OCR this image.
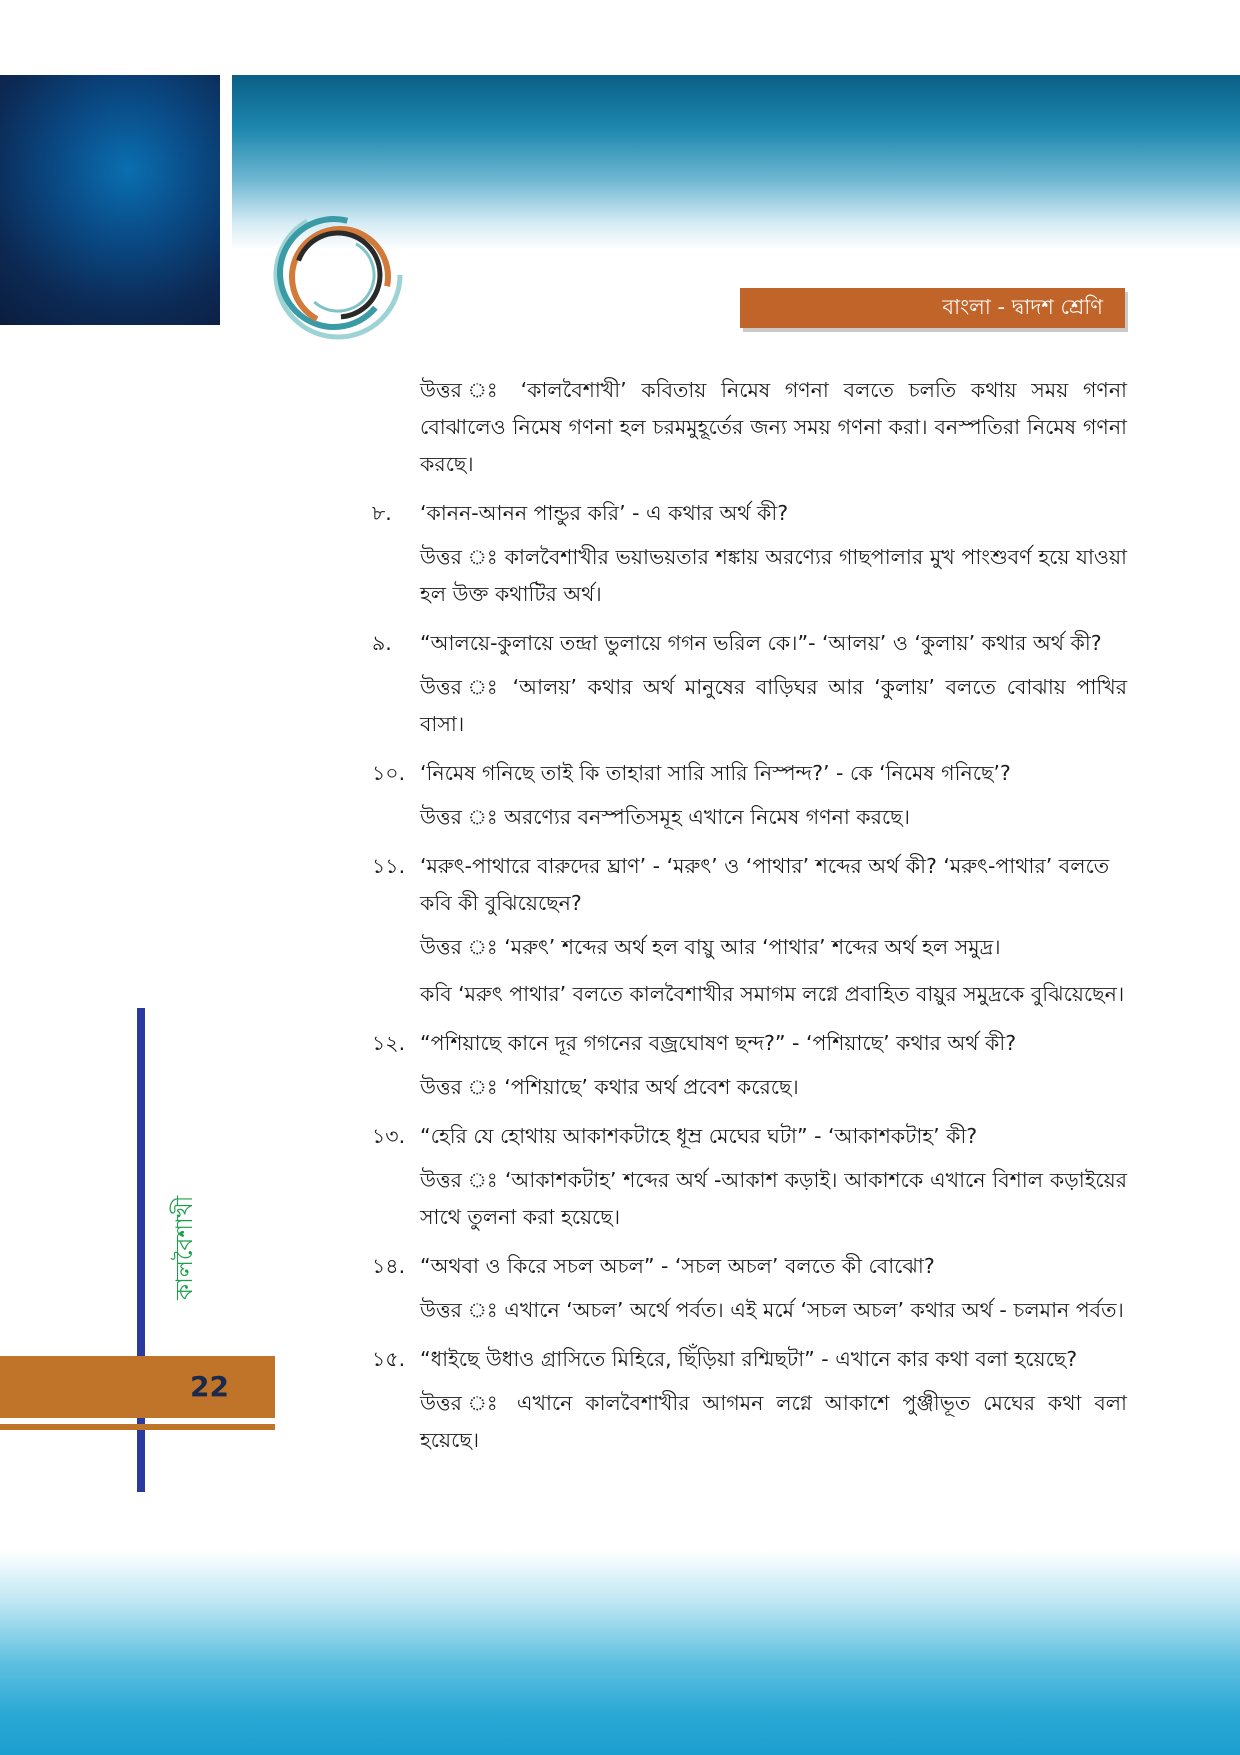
বাংলা - দ্বাদশ শ্রেণি
কালবৈশাখী
22

উত্তর ঃ ‘কালবৈশাখী’ কবিতায় নিমেষ গণনা বলতে চলতি কথায় সময় গণনা বোঝালেও নিমেষ গণনা হল চরমমুহূর্তের জন্য সময় গণনা করা। বনস্পতিরা নিমেষ গণনা করছে।

৮. ‘কানন-আনন পান্ডুর করি’ - এ কথার অর্থ কী?

উত্তর ঃ কালবৈশাখীর ভয়াভয়তার শঙ্কায় অরণ্যের গাছপালার মুখ পাংশুবর্ণ হয়ে যাওয়া হল উক্ত কথাটির অর্থ।

৯. “আলয়ে-কুলায়ে তন্দ্রা ভুলায়ে গগন ভরিল কে।”- ‘আলয়’ ও ‘কুলায়’ কথার অর্থ কী?

উত্তর ঃ ‘আলয়’ কথার অর্থ মানুষের বাড়িঘর আর ‘কুলায়’ বলতে বোঝায় পাখির বাসা।

১০. ‘নিমেষ গনিছে তাই কি তাহারা সারি সারি নিস্পন্দ?’ - কে ‘নিমেষ গনিছে’?

উত্তর ঃ অরণ্যের বনস্পতিসমূহ এখানে নিমেষ গণনা করছে।

১১. ‘মরুৎ-পাথারে বারুদের ঘ্রাণ’ - ‘মরুৎ’ ও ‘পাথার’ শব্দের অর্থ কী? ‘মরুৎ-পাথার’ বলতে কবি কী বুঝিয়েছেন?

উত্তর ঃ ‘মরুৎ’ শব্দের অর্থ হল বায়ু আর ‘পাথার’ শব্দের অর্থ হল সমুদ্র।

কবি ‘মরুৎ পাথার’ বলতে কালবৈশাখীর সমাগম লগ্নে প্রবাহিত বায়ুর সমুদ্রকে বুঝিয়েছেন।

১২. “পশিয়াছে কানে দূর গগনের বজ্রঘোষণ ছন্দ?” - ‘পশিয়াছে’ কথার অর্থ কী?

উত্তর ঃ ‘পশিয়াছে’ কথার অর্থ প্রবেশ করেছে।

১৩. “হেরি যে হোথায় আকাশকটাহে ধূম্র মেঘের ঘটা” - ‘আকাশকটাহ’ কী?

উত্তর ঃ ‘আকাশকটাহ’ শব্দের অর্থ -আকাশ কড়াই। আকাশকে এখানে বিশাল কড়াইয়ের সাথে তুলনা করা হয়েছে।

১৪. “অথবা ও কিরে সচল অচল” - ‘সচল অচল’ বলতে কী বোঝো?

উত্তর ঃ এখানে ‘অচল’ অর্থে পর্বত। এই মর্মে ‘সচল অচল’ কথার অর্থ - চলমান পর্বত।

১৫. “ধাইছে উধাও গ্রাসিতে মিহিরে, ছিঁড়িয়া রশ্মিছটা” - এখানে কার কথা বলা হয়েছে?

উত্তর ঃ এখানে কালবৈশাখীর আগমন লগ্নে আকাশে পুঞ্জীভূত মেঘের কথা বলা হয়েছে।
